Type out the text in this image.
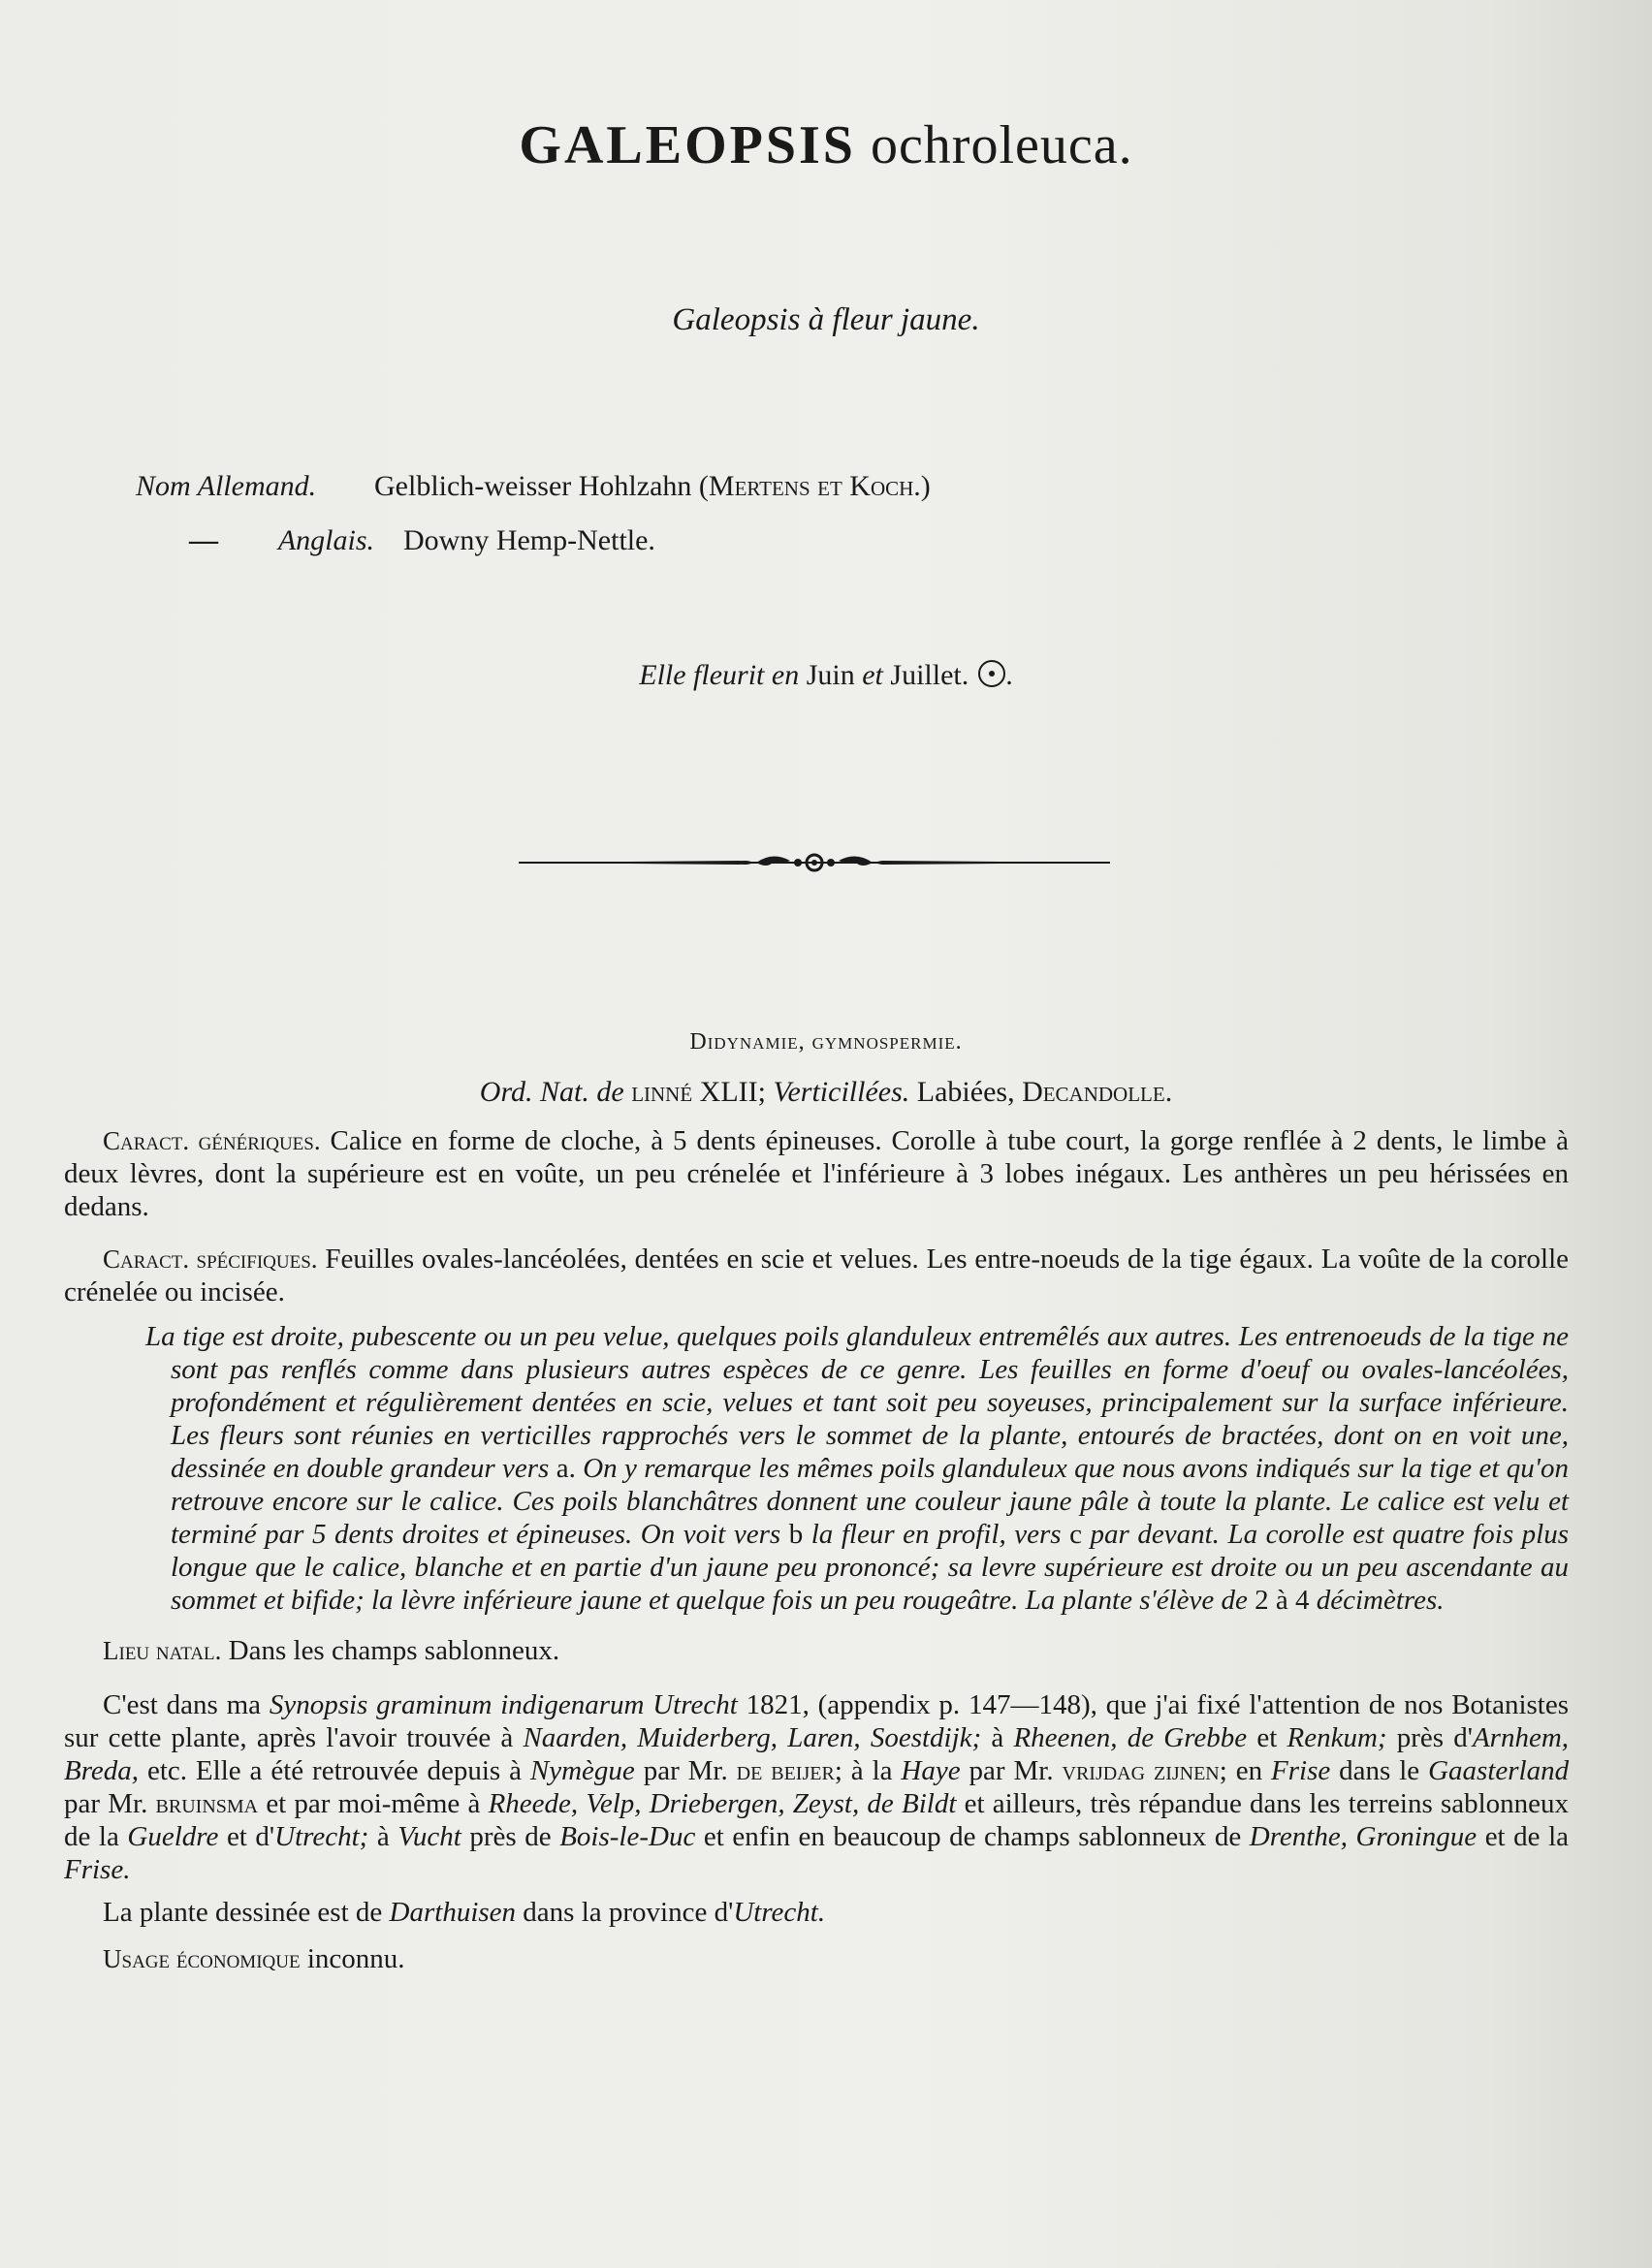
GALEOPSIS ochroleuca.
Galeopsis à fleur jaune.
Nom Allemand. Gelblich-weisser Hohlzahn (Mertens et Koch.)
— Anglais. Downy Hemp-Nettle.
Elle fleurit en Juin et Juillet. .
Didynamie, gymnospermie.
Ord. Nat. de linné XLII; Verticillées. Labiées, Decandolle.

Caract. génériques. Calice en forme de cloche, à 5 dents épineuses. Corolle à tube court, la gorge renflée à 2 dents, le limbe à deux lèvres, dont la supérieure est en voûte, un peu crénelée et l'inférieure à 3 lobes inégaux. Les anthères un peu hérissées en dedans.

Caract. spécifiques. Feuilles ovales-lancéolées, dentées en scie et velues. Les entre-noeuds de la tige égaux. La voûte de la corolle crénelée ou incisée.

La tige est droite, pubescente ou un peu velue, quelques poils glanduleux entremêlés aux autres. Les entrenoeuds de la tige ne sont pas renflés comme dans plusieurs autres espèces de ce genre. Les feuilles en forme d'oeuf ou ovales-lancéolées, profondément et régulièrement dentées en scie, velues et tant soit peu soyeuses, principalement sur la surface inférieure. Les fleurs sont réunies en verticilles rapprochés vers le sommet de la plante, entourés de bractées, dont on en voit une, dessinée en double grandeur vers a. On y remarque les mêmes poils glanduleux que nous avons indiqués sur la tige et qu'on retrouve encore sur le calice. Ces poils blanchâtres donnent une couleur jaune pâle à toute la plante. Le calice est velu et terminé par 5 dents droites et épineuses. On voit vers b la fleur en profil, vers c par devant. La corolle est quatre fois plus longue que le calice, blanche et en partie d'un jaune peu prononcé; sa levre supérieure est droite ou un peu ascendante au sommet et bifide; la lèvre inférieure jaune et quelque fois un peu rougeâtre. La plante s'élève de 2 à 4 décimètres.

Lieu natal. Dans les champs sablonneux.

C'est dans ma Synopsis graminum indigenarum Utrecht 1821, (appendix p. 147—148), que j'ai fixé l'attention de nos Botanistes sur cette plante, après l'avoir trouvée à Naarden, Muiderberg, Laren, Soestdijk; à Rheenen, de Grebbe et Renkum; près d'Arnhem, Breda, etc. Elle a été retrouvée depuis à Nymègue par Mr. de beijer; à la Haye par Mr. vrijdag zijnen; en Frise dans le Gaasterland par Mr. bruinsma et par moi-même à Rheede, Velp, Driebergen, Zeyst, de Bildt et ailleurs, très répandue dans les terreins sablonneux de la Gueldre et d'Utrecht; à Vucht près de Bois-le-Duc et enfin en beaucoup de champs sablonneux de Drenthe, Groningue et de la Frise.

La plante dessinée est de Darthuisen dans la province d'Utrecht.

Usage économique inconnu.
